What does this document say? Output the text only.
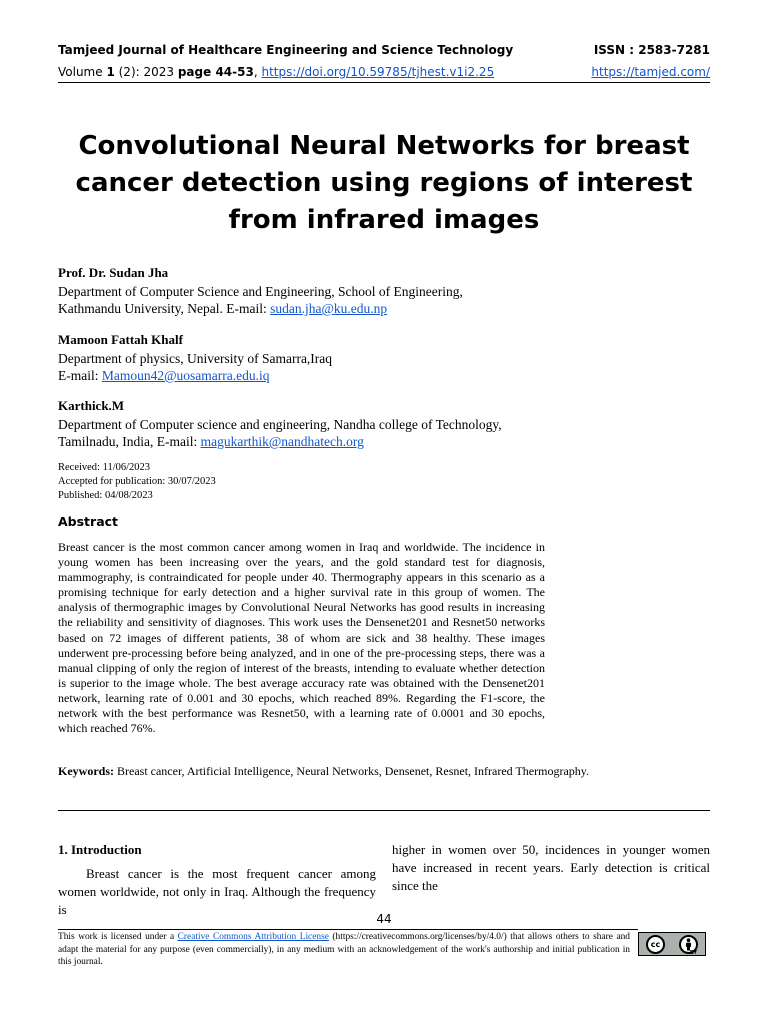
Tamjeed Journal of Healthcare Engineering and Science Technology	ISSN : 2583-7281
Volume 1 (2): 2023 page 44-53, https://doi.org/10.59785/tjhest.v1i2.25	https://tamjed.com/
Convolutional Neural Networks for breast cancer detection using regions of interest from infrared images
Prof. Dr. Sudan Jha
Department of Computer Science and Engineering, School of Engineering,
Kathmandu University, Nepal. E-mail: sudan.jha@ku.edu.np
Mamoon Fattah Khalf
Department of physics, University of Samarra,Iraq
E-mail: Mamoun42@uosamarra.edu.iq
Karthick.M
Department of Computer science and engineering, Nandha college of Technology,
Tamilnadu, India, E-mail: magukarthik@nandhatech.org
Received: 11/06/2023
Accepted for publication: 30/07/2023
Published: 04/08/2023
Abstract
Breast cancer is the most common cancer among women in Iraq and worldwide. The incidence in young women has been increasing over the years, and the gold standard test for diagnosis, mammography, is contraindicated for people under 40. Thermography appears in this scenario as a promising technique for early detection and a higher survival rate in this group of women. The analysis of thermographic images by Convolutional Neural Networks has good results in increasing the reliability and sensitivity of diagnoses. This work uses the Densenet201 and Resnet50 networks based on 72 images of different patients, 38 of whom are sick and 38 healthy. These images underwent pre-processing before being analyzed, and in one of the pre-processing steps, there was a manual clipping of only the region of interest of the breasts, intending to evaluate whether detection is superior to the image whole. The best average accuracy rate was obtained with the Densenet201 network, learning rate of 0.001 and 30 epochs, which reached 89%. Regarding the F1-score, the network with the best performance was Resnet50, with a learning rate of 0.0001 and 30 epochs, which reached 76%.
Keywords: Breast cancer, Artificial Intelligence, Neural Networks, Densenet, Resnet, Infrared Thermography.
1. Introduction
Breast cancer is the most frequent cancer among women worldwide, not only in Iraq. Although the frequency is
higher in women over 50, incidences in younger women have increased in recent years. Early detection is critical since the
44
This work is licensed under a Creative Commons Attribution License (https://creativecommons.org/licenses/by/4.0/) that allows others to share and adapt the material for any purpose (even commercially), in any medium with an acknowledgement of the work's authorship and initial publication in this journal.
cc
BY
